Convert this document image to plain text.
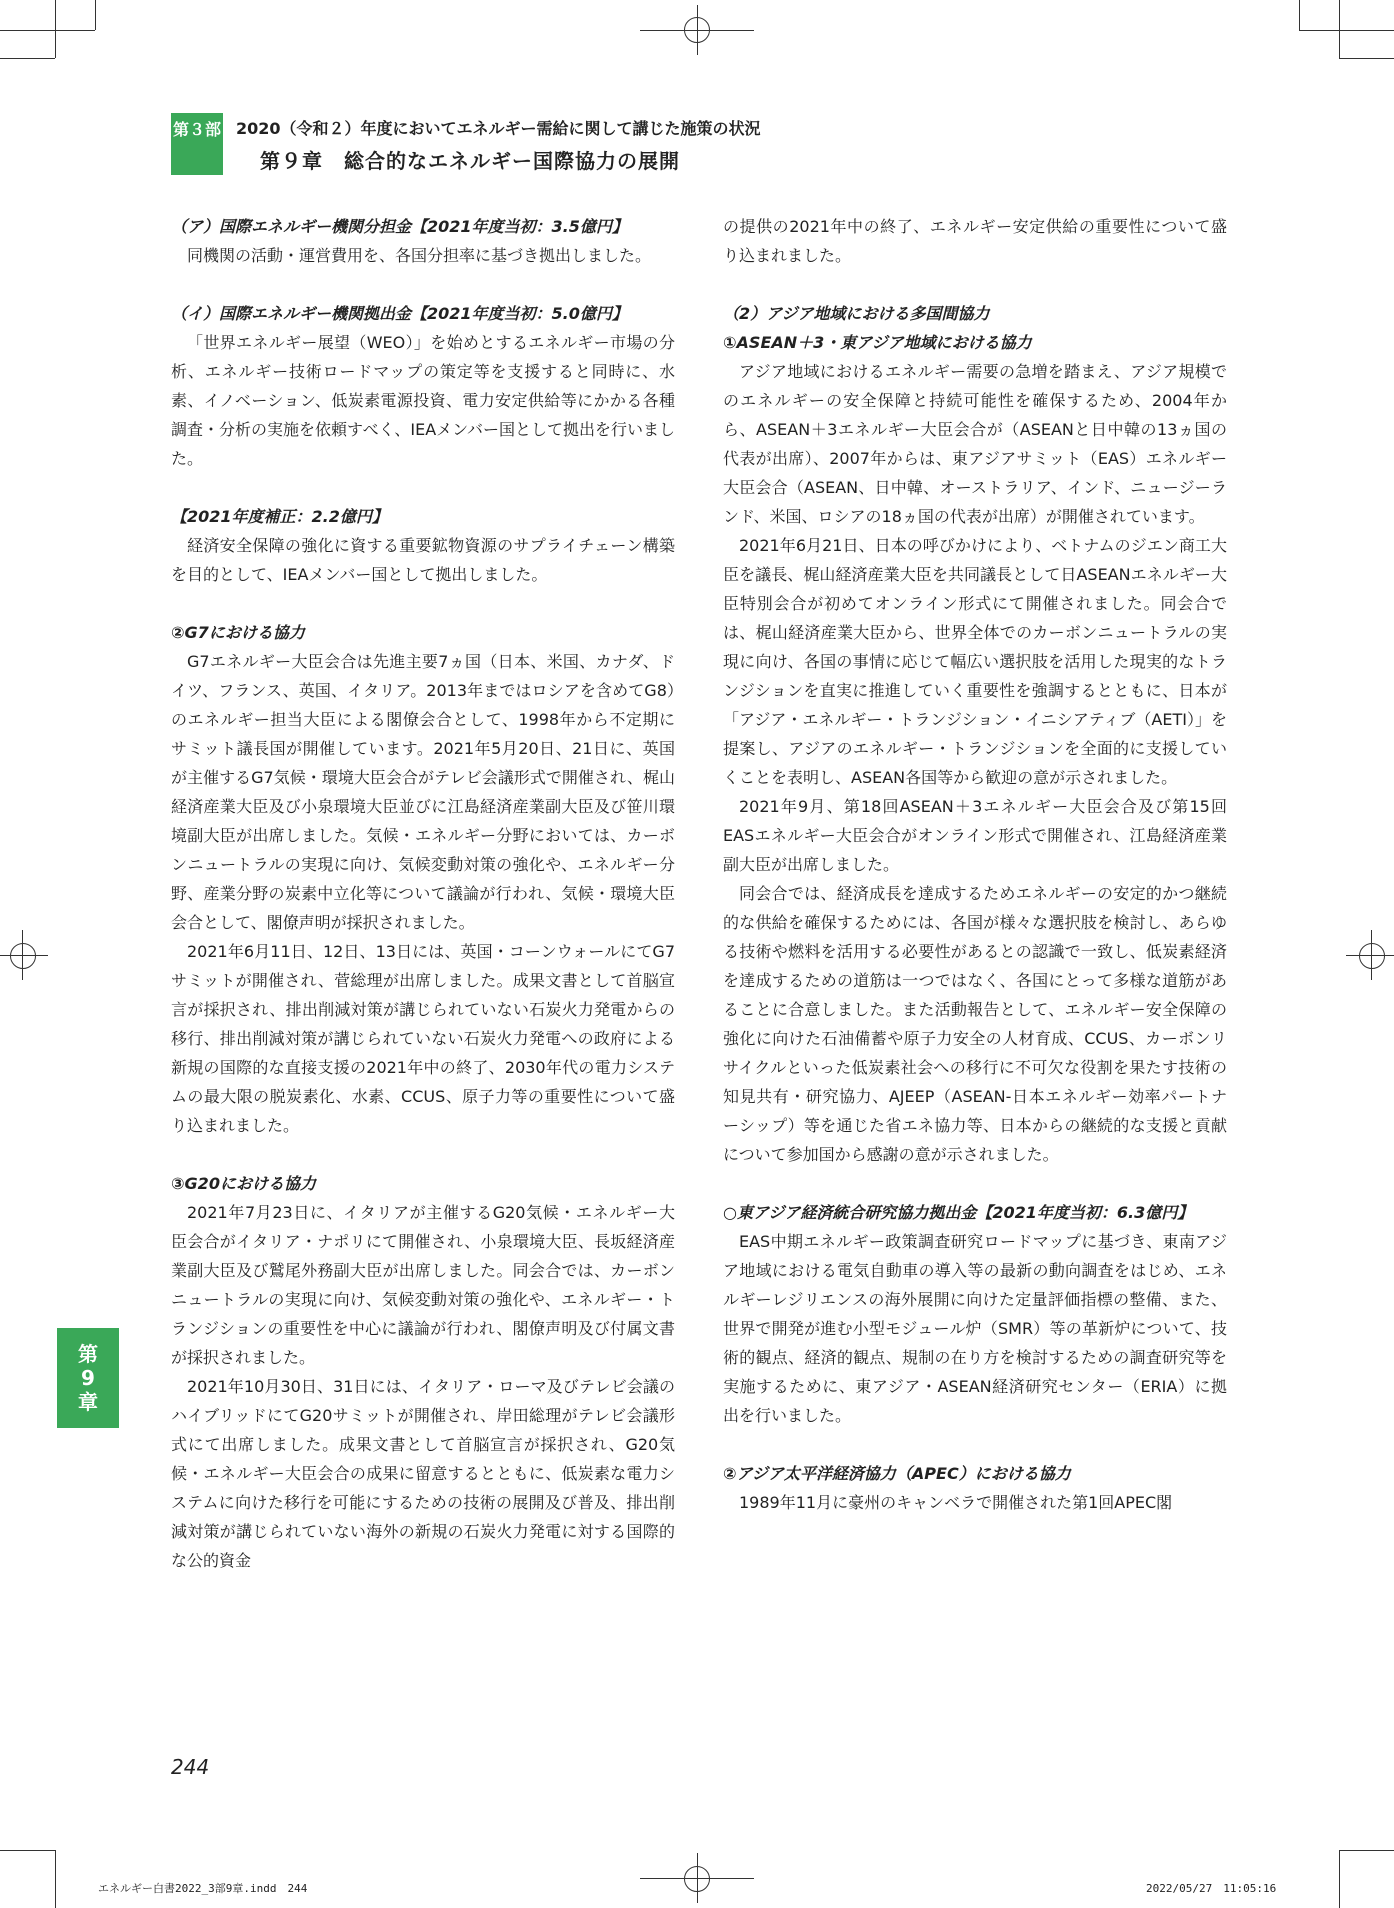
第３部 2020（令和２）年度においてエネルギー需給に関して講じた施策の状況
第９章　総合的なエネルギー国際協力の展開
（ア）国際エネルギー機関分担金【2021年度当初：3.5億円】

同機関の活動・運営費用を、各国分担率に基づき拠出しました。

（イ）国際エネルギー機関拠出金【2021年度当初：5.0億円】

「世界エネルギー展望（WEO）」を始めとするエネルギー市場の分析、エネルギー技術ロードマップの策定等を支援すると同時に、水素、イノベーション、低炭素電源投資、電力安定供給等にかかる各種調査・分析の実施を依頼すべく、IEAメンバー国として拠出を行いました。

【2021年度補正：2.2億円】

経済安全保障の強化に資する重要鉱物資源のサプライチェーン構築を目的として、IEAメンバー国として拠出しました。

②G7における協力

G7エネルギー大臣会合は先進主要7ヵ国（日本、米国、カナダ、ドイツ、フランス、英国、イタリア。2013年まではロシアを含めてG8）のエネルギー担当大臣による閣僚会合として、1998年から不定期にサミット議長国が開催しています。2021年5月20日、21日に、英国が主催するG7気候・環境大臣会合がテレビ会議形式で開催され、梶山経済産業大臣及び小泉環境大臣並びに江島経済産業副大臣及び笹川環境副大臣が出席しました。気候・エネルギー分野においては、カーボンニュートラルの実現に向け、気候変動対策の強化や、エネルギー分野、産業分野の炭素中立化等について議論が行われ、気候・環境大臣会合として、閣僚声明が採択されました。

2021年6月11日、12日、13日には、英国・コーンウォールにてG7サミットが開催され、菅総理が出席しました。成果文書として首脳宣言が採択され、排出削減対策が講じられていない石炭火力発電からの移行、排出削減対策が講じられていない石炭火力発電への政府による新規の国際的な直接支援の2021年中の終了、2030年代の電力システムの最大限の脱炭素化、水素、CCUS、原子力等の重要性について盛り込まれました。

③G20における協力

2021年7月23日に、イタリアが主催するG20気候・エネルギー大臣会合がイタリア・ナポリにて開催され、小泉環境大臣、長坂経済産業副大臣及び鷲尾外務副大臣が出席しました。同会合では、カーボンニュートラルの実現に向け、気候変動対策の強化や、エネルギー・トランジションの重要性を中心に議論が行われ、閣僚声明及び付属文書が採択されました。

2021年10月30日、31日には、イタリア・ローマ及びテレビ会議のハイブリッドにてG20サミットが開催され、岸田総理がテレビ会議形式にて出席しました。成果文書として首脳宣言が採択され、G20気候・エネルギー大臣会合の成果に留意するとともに、低炭素な電力システムに向けた移行を可能にするための技術の展開及び普及、排出削減対策が講じられていない海外の新規の石炭火力発電に対する国際的な公的資金

の提供の2021年中の終了、エネルギー安定供給の重要性について盛り込まれました。

（2）アジア地域における多国間協力
①ASEAN＋3・東アジア地域における協力

アジア地域におけるエネルギー需要の急増を踏まえ、アジア規模でのエネルギーの安全保障と持続可能性を確保するため、2004年から、ASEAN＋3エネルギー大臣会合が（ASEANと日中韓の13ヵ国の代表が出席）、2007年からは、東アジアサミット（EAS）エネルギー大臣会合（ASEAN、日中韓、オーストラリア、インド、ニュージーランド、米国、ロシアの18ヵ国の代表が出席）が開催されています。

2021年6月21日、日本の呼びかけにより、ベトナムのジエン商工大臣を議長、梶山経済産業大臣を共同議長として日ASEANエネルギー大臣特別会合が初めてオンライン形式にて開催されました。同会合では、梶山経済産業大臣から、世界全体でのカーボンニュートラルの実現に向け、各国の事情に応じて幅広い選択肢を活用した現実的なトランジションを直実に推進していく重要性を強調するとともに、日本が「アジア・エネルギー・トランジション・イニシアティブ（AETI）」を提案し、アジアのエネルギー・トランジションを全面的に支援していくことを表明し、ASEAN各国等から歓迎の意が示されました。

2021年9月、第18回ASEAN＋3エネルギー大臣会合及び第15回EASエネルギー大臣会合がオンライン形式で開催され、江島経済産業副大臣が出席しました。

同会合では、経済成長を達成するためエネルギーの安定的かつ継続的な供給を確保するためには、各国が様々な選択肢を検討し、あらゆる技術や燃料を活用する必要性があるとの認識で一致し、低炭素経済を達成するための道筋は一つではなく、各国にとって多様な道筋があることに合意しました。また活動報告として、エネルギー安全保障の強化に向けた石油備蓄や原子力安全の人材育成、CCUS、カーボンリサイクルといった低炭素社会への移行に不可欠な役割を果たす技術の知見共有・研究協力、AJEEP（ASEAN-日本エネルギー効率パートナーシップ）等を通じた省エネ協力等、日本からの継続的な支援と貢献について参加国から感謝の意が示されました。

○東アジア経済統合研究協力拠出金【2021年度当初：6.3億円】

EAS中期エネルギー政策調査研究ロードマップに基づき、東南アジア地域における電気自動車の導入等の最新の動向調査をはじめ、エネルギーレジリエンスの海外展開に向けた定量評価指標の整備、また、世界で開発が進む小型モジュール炉（SMR）等の革新炉について、技術的観点、経済的観点、規制の在り方を検討するための調査研究等を実施するために、東アジア・ASEAN経済研究センター（ERIA）に拠出を行いました。

②アジア太平洋経済協力（APEC）における協力

1989年11月に豪州のキャンベラで開催された第1回APEC閣

第
9
章
244
エネルギー白書2022_3部9章.indd　244	2022/05/27　11:05:16
